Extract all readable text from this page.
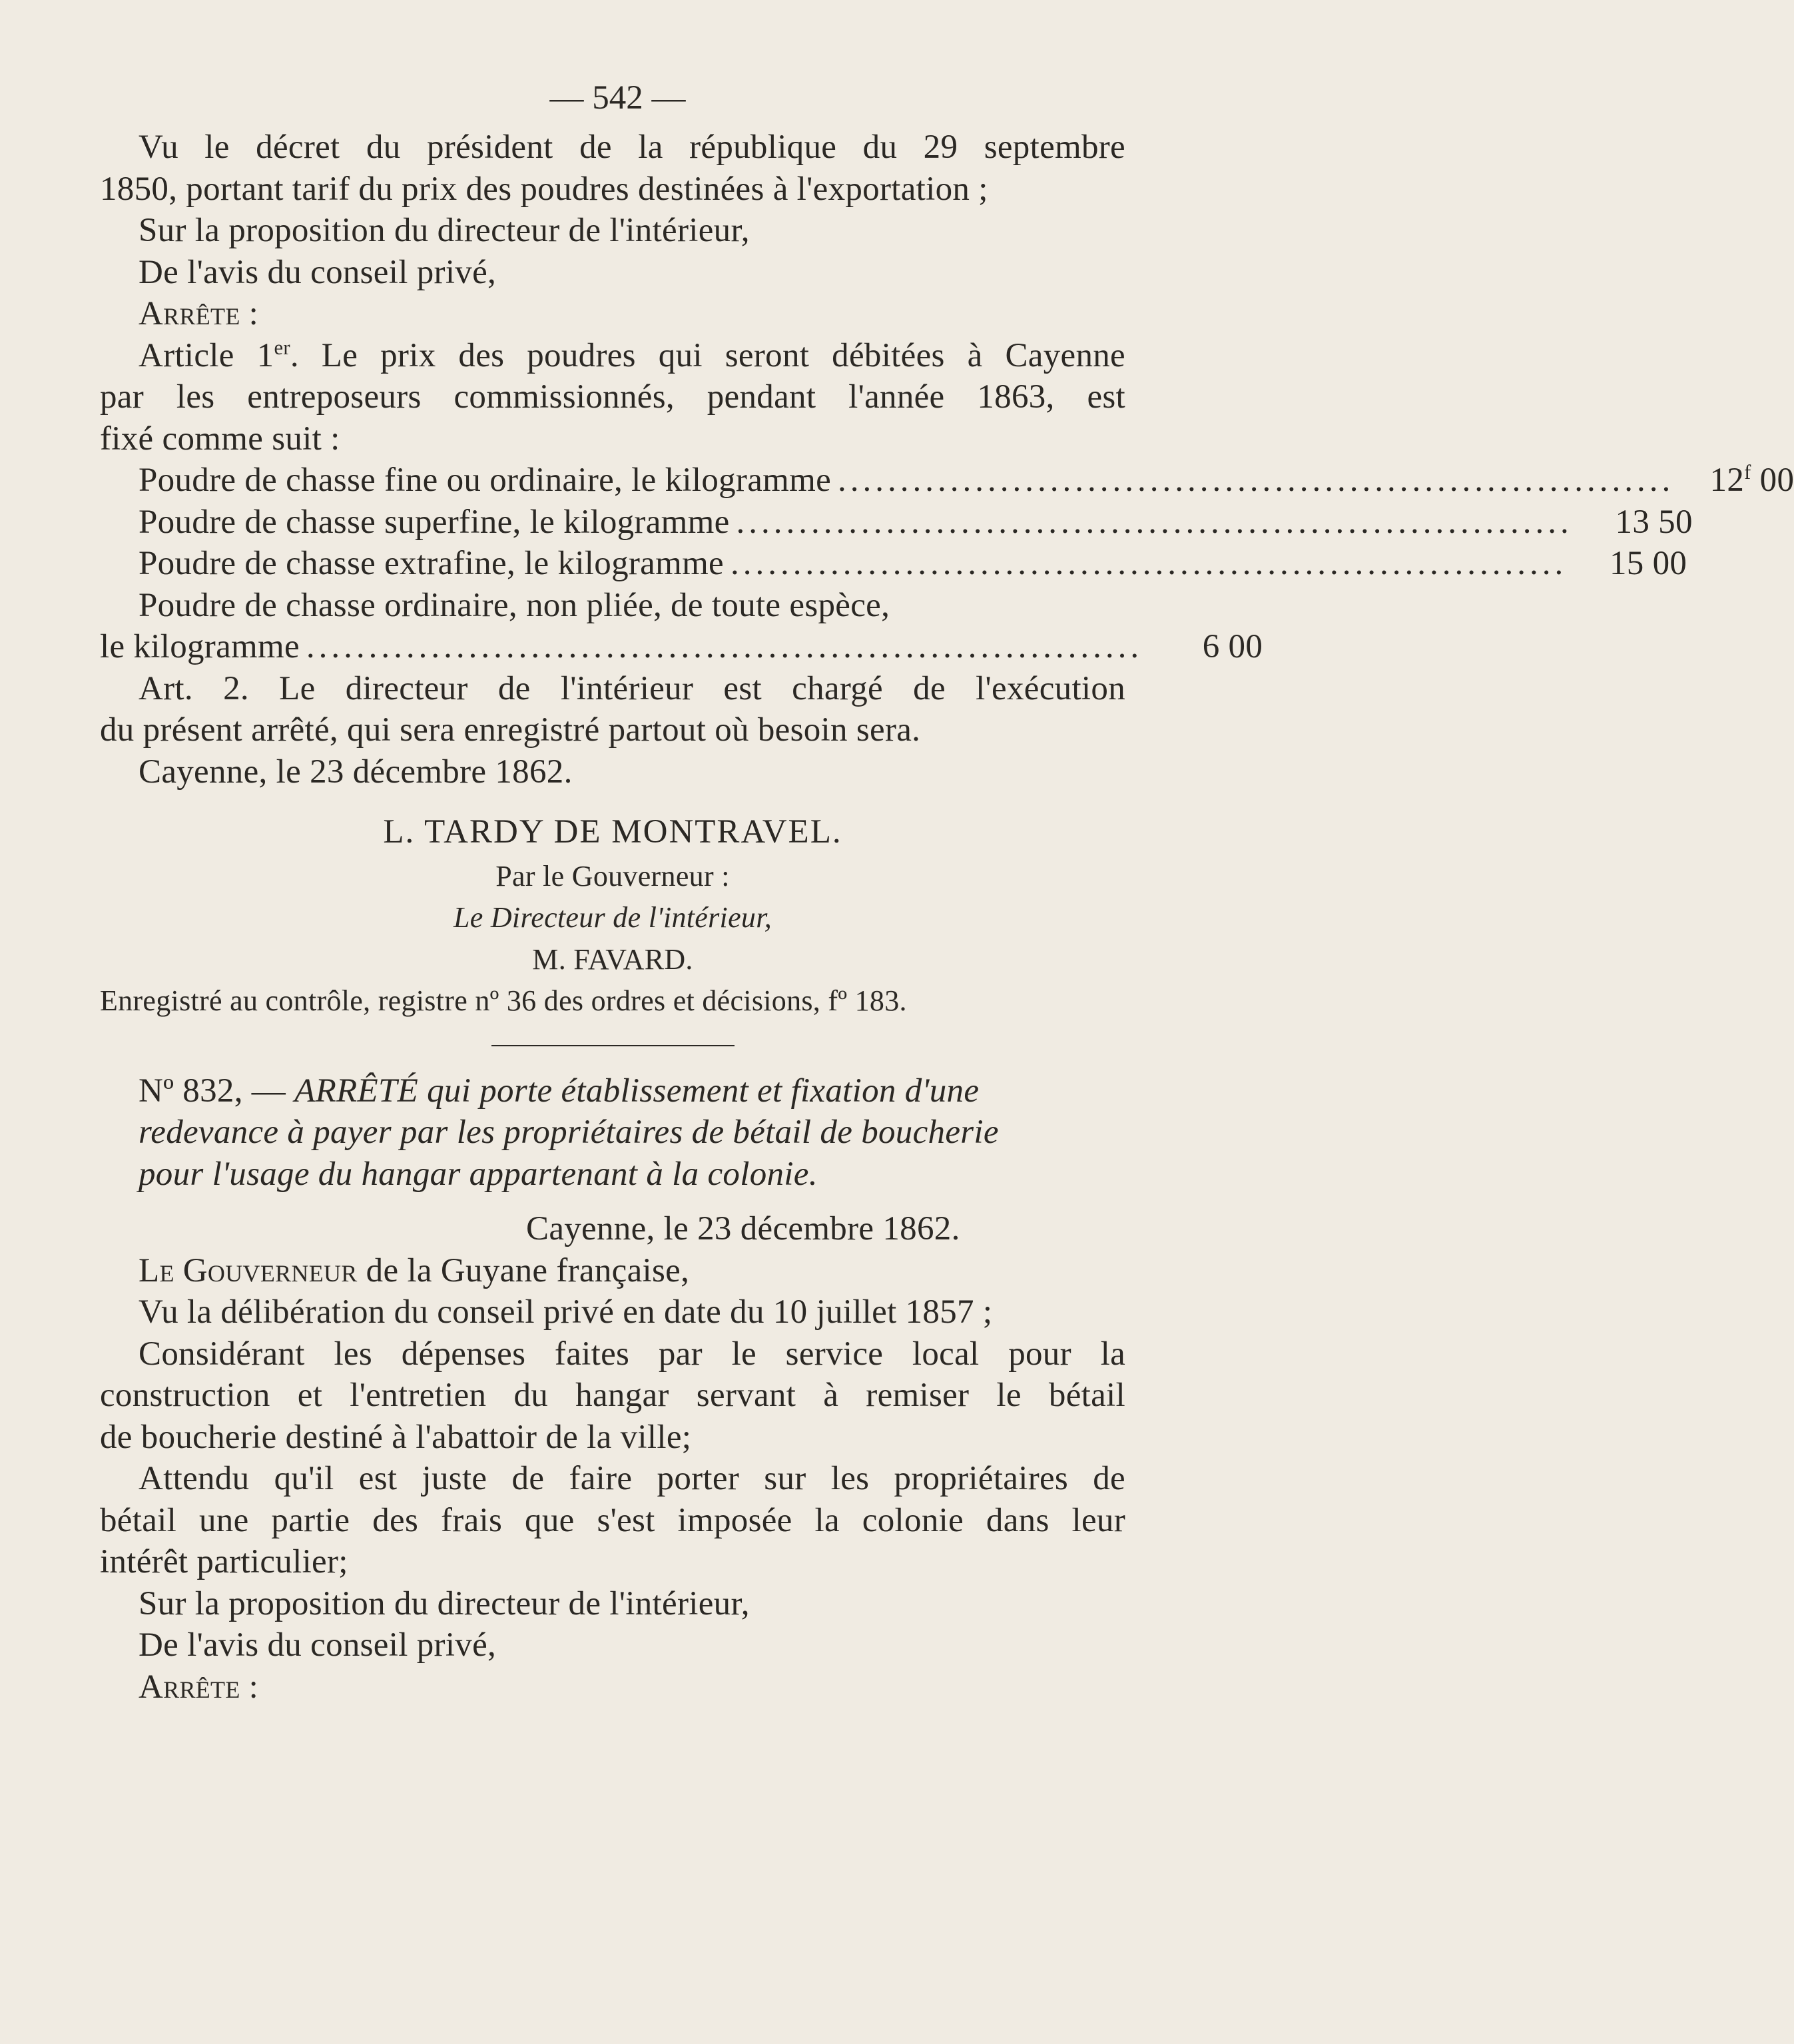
— 542 —
Vu le décret du président de la république du 29 septembre
1850, portant tarif du prix des poudres destinées à l'exportation ;
Sur la proposition du directeur de l'intérieur,
De l'avis du conseil privé,
Arrête :
Article 1er. Le prix des poudres qui seront débitées à Cayenne
par les entreposeurs commissionnés, pendant l'année 1863, est
fixé comme suit :
Poudre de chasse fine ou ordinaire, le kilogramme ...................................................................	12$^f$ 00
Poudre de chasse superfine, le kilogramme ...................................................................	13 50
Poudre de chasse extrafine, le kilogramme ...................................................................	15 00
Poudre de chasse ordinaire, non pliée, de toute espèce,
le kilogramme ...................................................................	6 00
Art. 2. Le directeur de l'intérieur est chargé de l'exécution
du présent arrêté, qui sera enregistré partout où besoin sera.
Cayenne, le 23 décembre 1862.
L. TARDY DE MONTRAVEL.
Par le Gouverneur :
Le Directeur de l'intérieur,
M. FAVARD.
Enregistré au contrôle, registre nº 36 des ordres et décisions, fº 183.
Nº 832, — ARRÊTÉ qui porte établissement et fixation d'une
redevance à payer par les propriétaires de bétail de boucherie
pour l'usage du hangar appartenant à la colonie.
Cayenne, le 23 décembre 1862.
Le Gouverneur de la Guyane française,
Vu la délibération du conseil privé en date du 10 juillet 1857 ;
Considérant les dépenses faites par le service local pour la
construction et l'entretien du hangar servant à remiser le bétail
de boucherie destiné à l'abattoir de la ville;
Attendu qu'il est juste de faire porter sur les propriétaires de
bétail une partie des frais que s'est imposée la colonie dans leur
intérêt particulier;
Sur la proposition du directeur de l'intérieur,
De l'avis du conseil privé,
Arrête :
